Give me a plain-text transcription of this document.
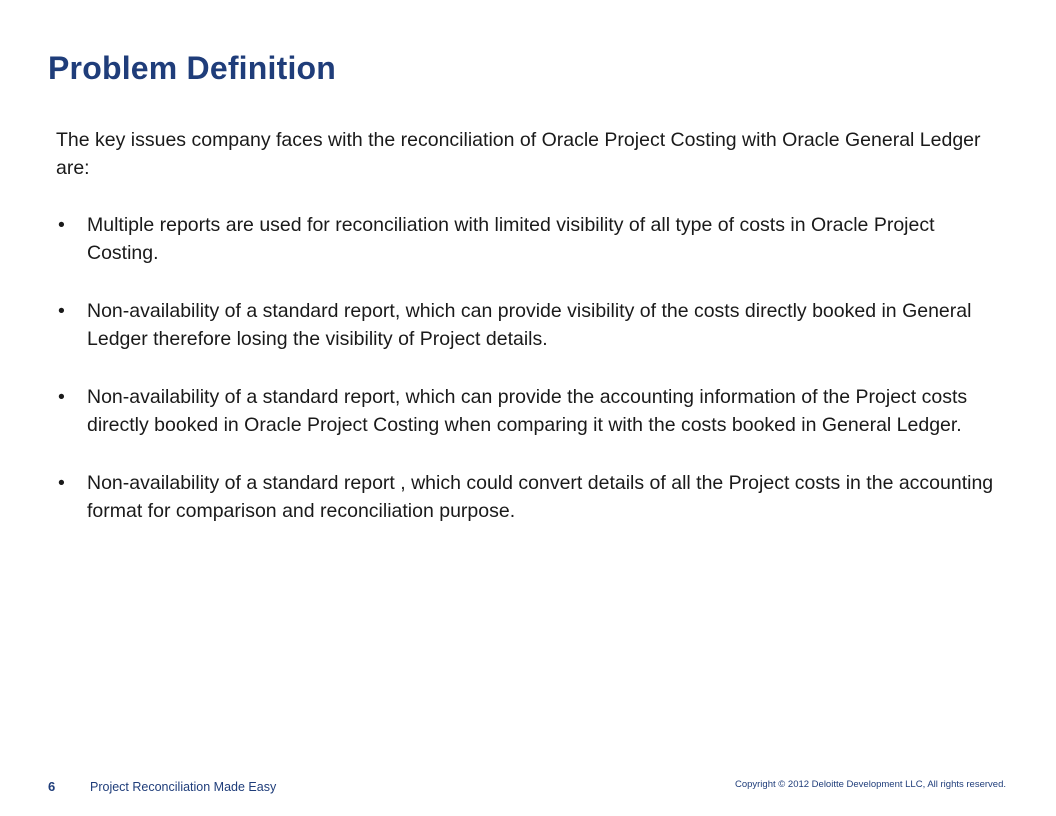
Problem Definition

The key issues company faces with the reconciliation of Oracle Project Costing with Oracle General Ledger are:

• Multiple reports are used for reconciliation with limited visibility of all type of costs in Oracle Project Costing.
• Non-availability of a standard report, which can provide visibility of the costs directly booked in General Ledger therefore losing the visibility of Project details.
• Non-availability of a standard report, which can provide the accounting information of the Project costs directly booked in Oracle Project Costing when comparing it with the costs booked in General Ledger.
• Non-availability of a standard report , which could convert details of all the Project costs in the accounting format for comparison and reconciliation purpose.
6	Project Reconciliation Made Easy	Copyright © 2012 Deloitte Development LLC, All rights reserved.
